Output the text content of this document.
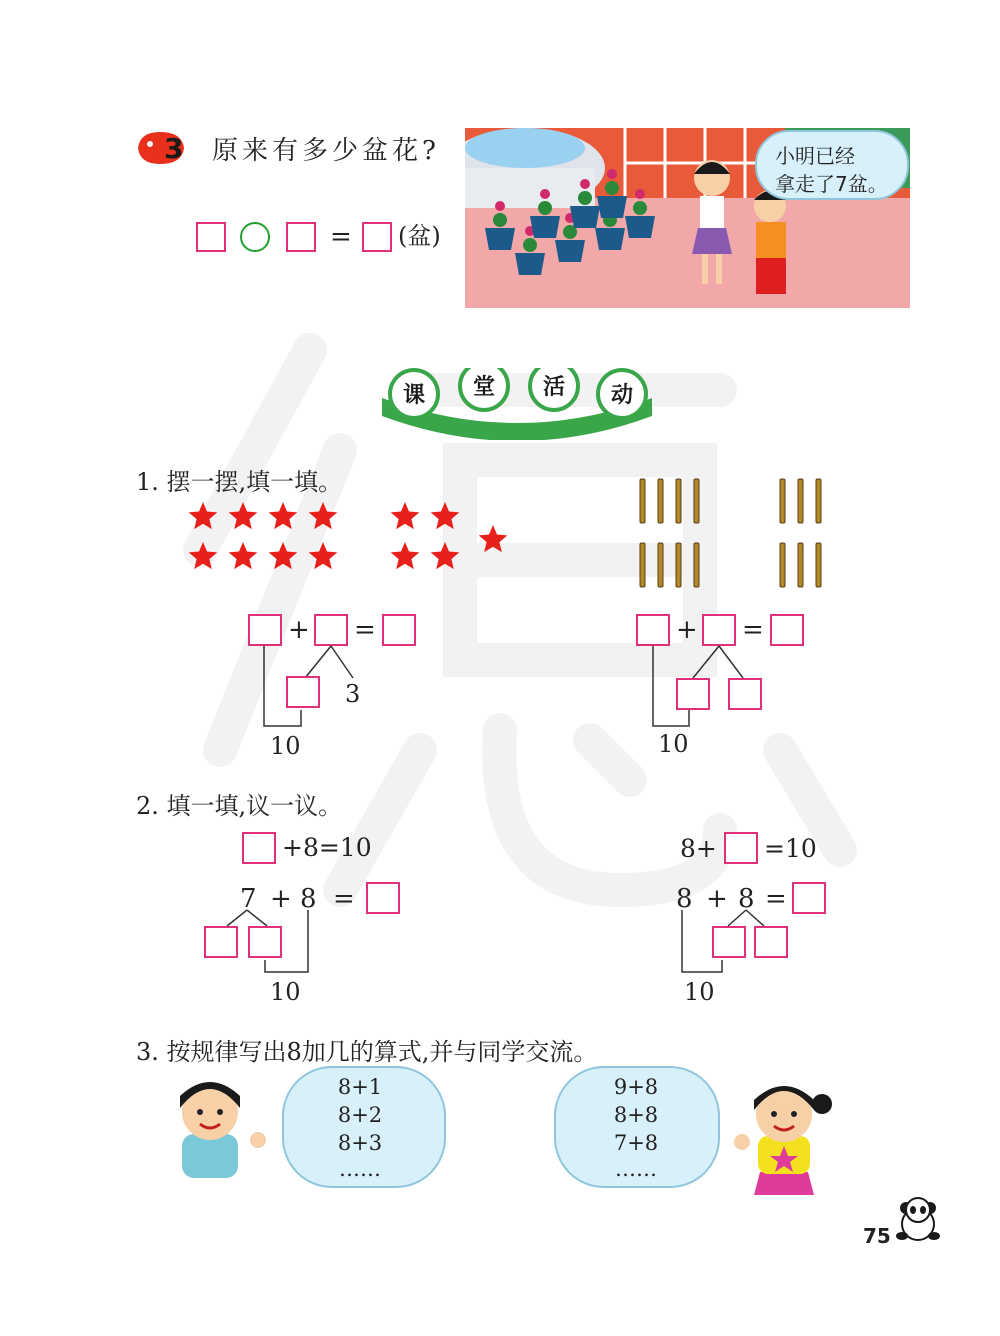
3 原来有多少盆花?
= (盆)
小明已经
拿走了7盆。
课 堂 活 动
1. 摆一摆,填一填。
+ =
3
10
+ =
10
2. 填一填,议一议。
+8=10
7 + 8 =
10
8+ =10
8 + 8 =
10
3. 按规律写出8加几的算式,并与同学交流。
8+1
8+2
8+3
……
9+8
8+8
7+8
……
75
